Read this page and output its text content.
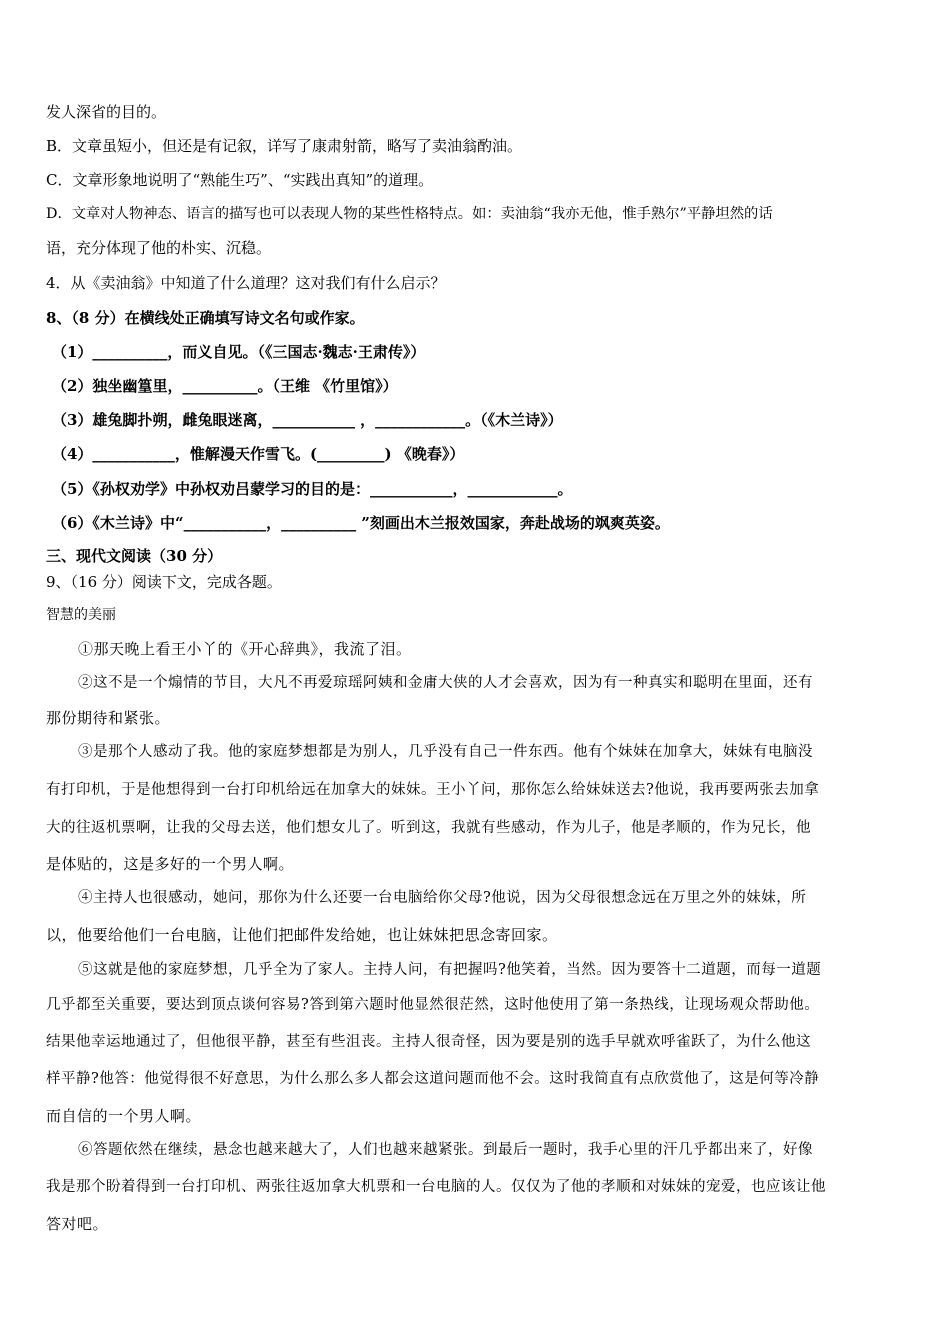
发人深省的目的。
B．文章虽短小，但还是有记叙，详写了康肃射箭，略写了卖油翁酌油。
C．文章形象地说明了“熟能生巧”、“实践出真知”的道理。
D．文章对人物神态、语言的描写也可以表现人物的某些性格特点。如：卖油翁“我亦无他，惟手熟尔”平静坦然的话
语，充分体现了他的朴实、沉稳。
4．从《卖油翁》中知道了什么道理？这对我们有什么启示？
8、（8 分）在横线处正确填写诗文名句或作家。
（1）__________，而义自见。（《三国志·魏志·王肃传》）
（2）独坐幽篁里，__________。（王维 《竹里馆》）
（3）雄兔脚扑朔，雌兔眼迷离，___________ ，____________。（《木兰诗》）
（4）___________，惟解漫天作雪飞。(_________) 《晚春》）
（5）《孙权劝学》中孙权劝吕蒙学习的目的是：___________，____________。
（6）《木兰诗》中“___________，__________ ”刻画出木兰报效国家，奔赴战场的飒爽英姿。
三、现代文阅读（30 分）
9、（16 分）阅读下文，完成各题。
智慧的美丽
①那天晚上看王小丫的《开心辞典》，我流了泪。
②这不是一个煽情的节目，大凡不再爱琼瑶阿姨和金庸大侠的人才会喜欢，因为有一种真实和聪明在里面，还有
那份期待和紧张。
③是那个人感动了我。他的家庭梦想都是为别人，几乎没有自己一件东西。他有个妹妹在加拿大，妹妹有电脑没
有打印机，于是他想得到一台打印机给远在加拿大的妹妹。王小丫问，那你怎么给妹妹送去?他说，我再要两张去加拿
大的往返机票啊，让我的父母去送，他们想女儿了。听到这，我就有些感动，作为儿子，他是孝顺的，作为兄长，他
是体贴的，这是多好的一个男人啊。
④主持人也很感动，她问，那你为什么还要一台电脑给你父母?他说，因为父母很想念远在万里之外的妹妹，所
以，他要给他们一台电脑，让他们把邮件发给她，也让妹妹把思念寄回家。
⑤这就是他的家庭梦想，几乎全为了家人。主持人问，有把握吗?他笑着，当然。因为要答十二道题，而每一道题
几乎都至关重要，要达到顶点谈何容易?答到第六题时他显然很茫然，这时他使用了第一条热线，让现场观众帮助他。
结果他幸运地通过了，但他很平静，甚至有些沮丧。主持人很奇怪，因为要是别的选手早就欢呼雀跃了，为什么他这
样平静?他答：他觉得很不好意思，为什么那么多人都会这道问题而他不会。这时我简直有点欣赏他了，这是何等冷静
而自信的一个男人啊。
⑥答题依然在继续，悬念也越来越大了，人们也越来越紧张。到最后一题时，我手心里的汗几乎都出来了，好像
我是那个盼着得到一台打印机、两张往返加拿大机票和一台电脑的人。仅仅为了他的孝顺和对妹妹的宠爱，也应该让他
答对吧。
